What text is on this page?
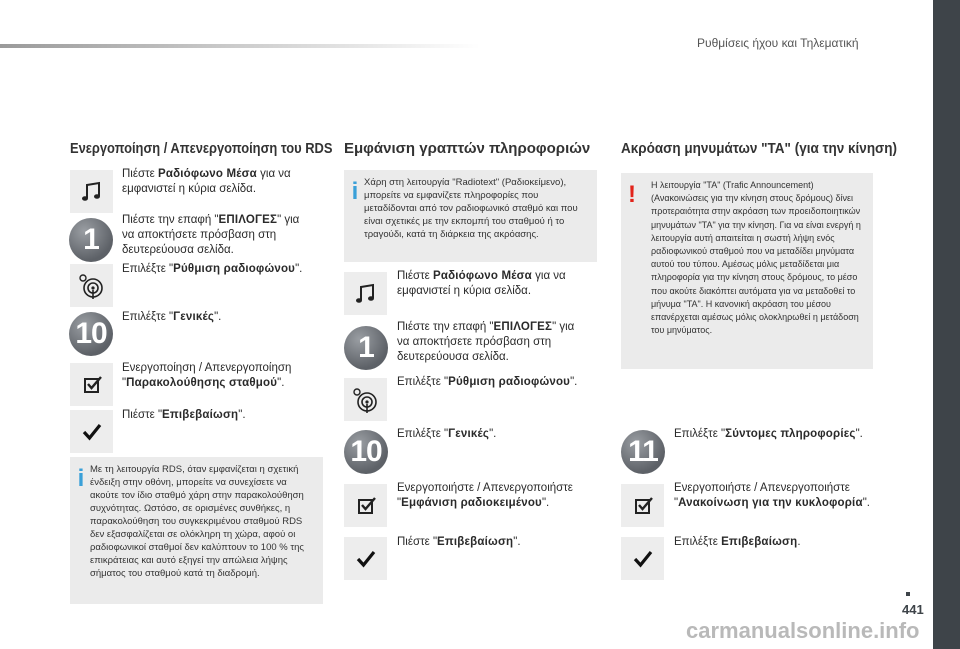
Ρυθμίσεις ήχου και Τηλεματική
Ενεργοποίηση / Απενεργοποίηση του RDS
Πιέστε Ραδιόφωνο Μέσα για να εμφανιστεί η κύρια σελίδα.
1
Πιέστε την επαφή "ΕΠΙΛΟΓΕΣ" για να αποκτήσετε πρόσβαση στη δευτερεύουσα σελίδα.
Επιλέξτε "Ρύθμιση ραδιοφώνου".
10	Επιλέξτε "Γενικές".
Ενεργοποίηση / Απενεργοποίηση "Παρακολούθησης σταθμού".
Πιέστε "Επιβεβαίωση".
i Με τη λειτουργία RDS, όταν εμφανίζεται η σχετική ένδειξη στην οθόνη, μπορείτε να συνεχίσετε να ακούτε τον ίδιο σταθμό χάρη στην παρακολούθηση συχνότητας. Ωστόσο, σε ορισμένες συνθήκες, η παρακολούθηση του συγκεκριμένου σταθμού RDS δεν εξασφαλίζεται σε ολόκληρη τη χώρα, αφού οι ραδιοφωνικοί σταθμοί δεν καλύπτουν το 100 % της επικράτειας και αυτό εξηγεί την απώλεια λήψης σήματος του σταθμού κατά τη διαδρομή.
Εμφάνιση γραπτών πληροφοριών
i Χάρη στη λειτουργία "Radiotext" (Ραδιοκείμενο), μπορείτε να εμφανίζετε πληροφορίες που μεταδίδονται από τον ραδιοφωνικό σταθμό και που είναι σχετικές με την εκπομπή του σταθμού ή το τραγούδι, κατά τη διάρκεια της ακρόασης.
Πιέστε Ραδιόφωνο Μέσα για να εμφανιστεί η κύρια σελίδα.
1
Πιέστε την επαφή "ΕΠΙΛΟΓΕΣ" για να αποκτήσετε πρόσβαση στη δευτερεύουσα σελίδα.
Επιλέξτε "Ρύθμιση ραδιοφώνου".
10
Επιλέξτε "Γενικές".
Ενεργοποιήστε / Απενεργοποιήστε "Εμφάνιση ραδιοκειμένου".
Πιέστε "Επιβεβαίωση".
Ακρόαση μηνυμάτων "TA" (για την κίνηση)
! Η λειτουργία "TA" (Trafic Announcement) (Ανακοινώσεις για την κίνηση στους δρόμους) δίνει προτεραιότητα στην ακρόαση των προειδοποιητικών μηνυμάτων "TA" για την κίνηση. Για να είναι ενεργή η λειτουργία αυτή απαιτείται η σωστή λήψη ενός ραδιοφωνικού σταθμού που να μεταδίδει μηνύματα αυτού του τύπου. Αμέσως μόλις μεταδίδεται μια πληροφορία για την κίνηση στους δρόμους, το μέσο που ακούτε διακόπτει αυτόματα για να μεταδοθεί το μήνυμα "TA". Η κανονική ακρόαση του μέσου επανέρχεται αμέσως μόλις ολοκληρωθεί η μετάδοση του μηνύματος.
11
Επιλέξτε "Σύντομες πληροφορίες".
Ενεργοποιήστε / Απενεργοποιήστε "Ανακοίνωση για την κυκλοφορία".
Επιλέξτε Επιβεβαίωση.
441
carmanualsonline.info
